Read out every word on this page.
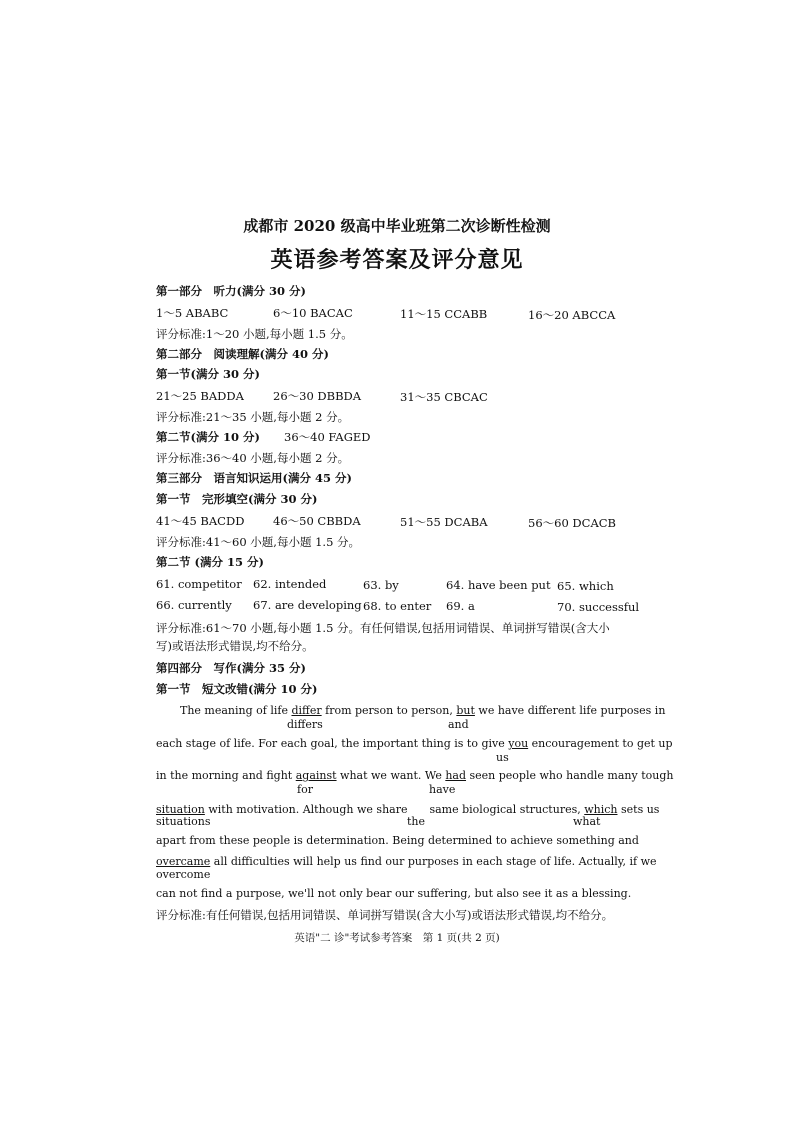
成都市 2020 级高中毕业班第二次诊断性检测
英语参考答案及评分意见
第一部分　听力(满分 30 分)
1～5 ABABC	6～10 BACAC	11～15 CCABB	16～20 ABCCA
评分标准:1～20 小题,每小题 1.5 分。
第二部分　阅读理解(满分 40 分)
第一节(满分 30 分)
21～25 BADDA	26～30 DBBDA	31～35 CBCAC
评分标准:21～35 小题,每小题 2 分。
第二节(满分 10 分) 36～40 FAGED
评分标准:36～40 小题,每小题 2 分。
第三部分　语言知识运用(满分 45 分)
第一节　完形填空(满分 30 分)
41～45 BACDD 46～50 CBBDA	51～55 DCABA	56～60 DCACB
评分标准:41～60 小题,每小题 1.5 分。
第二节 (满分 15 分)
61. competitor 62. intended	63. by	64. have been put 65. which
66. currently 67. are developing 68. to enter 69. a	70. successful
评分标准:61～70 小题,每小题 1.5 分。有任何错误,包括用词错误、单词拼写错误(含大小
写)或语法形式错误,均不给分。
第四部分　写作(满分 35 分)
第一节　短文改错(满分 10 分)
The meaning of life differ from person to person, but we have different life purposes in
differs	and
each stage of life. For each goal, the important thing is to give you encouragement to get up
us
in the morning and fight against what we want. We had seen people who handle many tough
for	have
situation with motivation. Although we share　　same biological structures, which sets us
situations	the	what
apart from these people is determination. Being determined to achieve something and
overcame all difficulties will help us find our purposes in each stage of life. Actually, if we
overcome
can not find a purpose, we'll not only bear our suffering, but also see it as a blessing.
评分标准:有任何错误,包括用词错误、单词拼写错误(含大小写)或语法形式错误,均不给分。
英语"二 诊"考试参考答案　第 1 页(共 2 页)
